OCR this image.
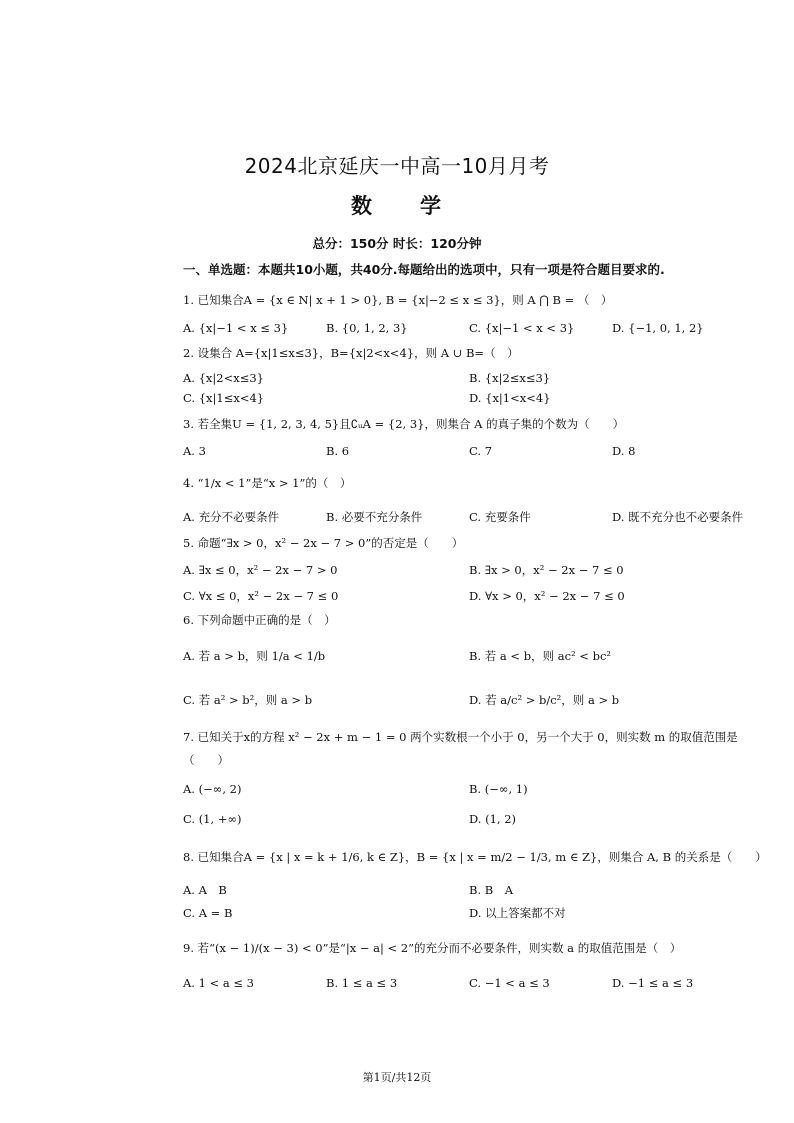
2024北京延庆一中高一10月月考
数　　学
总分：150分 时长：120分钟
一、单选题：本题共10小题，共40分.每题给出的选项中，只有一项是符合题目要求的.
1. 已知集合A = {x ∈ N| x + 1 > 0}, B = {x|−2 ≤ x ≤ 3}，则 A ⋂ B = （　）
A. {x|−1 < x ≤ 3}	B. {0, 1, 2, 3}	C. {x|−1 < x < 3}	D. {−1, 0, 1, 2}
2. 设集合 A={x|1≤x≤3}，B={x|2<x<4}，则 A ∪ B=（　）
A. {x|2<x≤3}	B. {x|2≤x≤3}
C. {x|1≤x<4}	D. {x|1<x<4}
3. 若全集U = {1, 2, 3, 4, 5}且∁ᵤA = {2, 3}，则集合 A 的真子集的个数为（　　）
A. 3	B. 6	C. 7	D. 8
4. “1/x < 1”是“x > 1”的（　）
A. 充分不必要条件	B. 必要不充分条件	C. 充要条件	D. 既不充分也不必要条件
5. 命题“∃x > 0，x² − 2x − 7 > 0”的否定是（　　）
A. ∃x ≤ 0，x² − 2x − 7 > 0	B. ∃x > 0，x² − 2x − 7 ≤ 0
C. ∀x ≤ 0，x² − 2x − 7 ≤ 0	D. ∀x > 0，x² − 2x − 7 ≤ 0
6. 下列命题中正确的是（　）
A. 若 a > b，则 1/a < 1/b	B. 若 a < b，则 ac² < bc²
C. 若 a² > b²，则 a > b	D. 若 a/c² > b/c²，则 a > b
7. 已知关于x的方程 x² − 2x + m − 1 = 0 两个实数根一个小于 0，另一个大于 0，则实数 m 的取值范围是
（　　）
A. (−∞, 2)	B. (−∞, 1)
C. (1, +∞)	D. (1, 2)
8. 已知集合A = {x | x = k + 1/6, k ∈ Z}，B = {x | x = m/2 − 1/3, m ∈ Z}，则集合 A, B 的关系是（　　）
A. A　B	B. B　A
C. A = B	D. 以上答案都不对
9. 若“(x − 1)/(x − 3) < 0”是“|x − a| < 2”的充分而不必要条件，则实数 a 的取值范围是（　）
A. 1 < a ≤ 3	B. 1 ≤ a ≤ 3	C. −1 < a ≤ 3	D. −1 ≤ a ≤ 3
第1页/共12页
